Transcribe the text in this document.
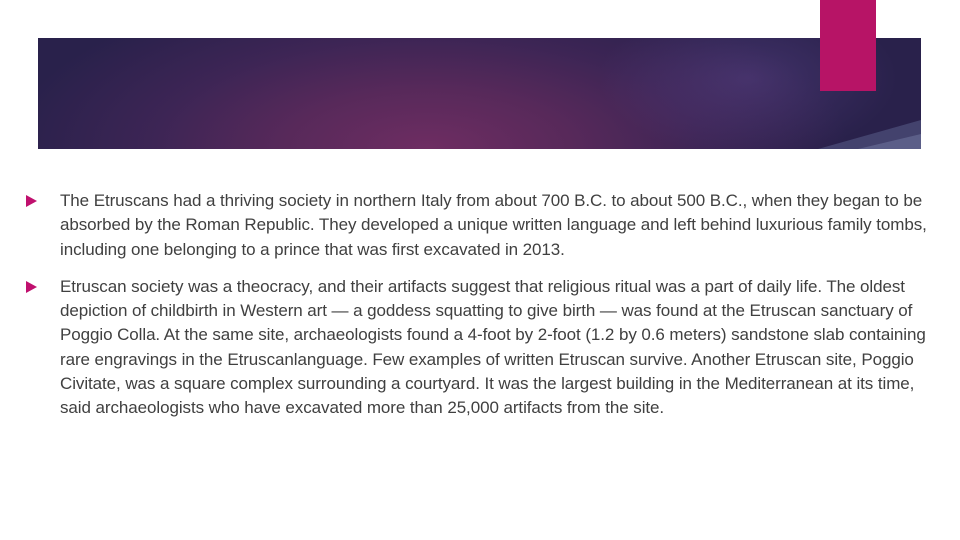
The Etruscans had a thriving society in northern Italy from about 700 B.C. to about 500 B.C., when they began to be absorbed by the Roman Republic. They developed a unique written language and left behind luxurious family tombs, including one belonging to a prince that was first excavated in 2013.
Etruscan society was a theocracy, and their artifacts suggest that religious ritual was a part of daily life. The oldest depiction of childbirth in Western art — a goddess squatting to give birth — was found at the Etruscan sanctuary of Poggio Colla. At the same site, archaeologists found a 4-foot by 2-foot (1.2 by 0.6 meters) sandstone slab containing rare engravings in the Etruscanlanguage. Few examples of written Etruscan survive. Another Etruscan site, Poggio Civitate, was a square complex surrounding a courtyard. It was the largest building in the Mediterranean at its time, said archaeologists who have excavated more than 25,000 artifacts from the site.
